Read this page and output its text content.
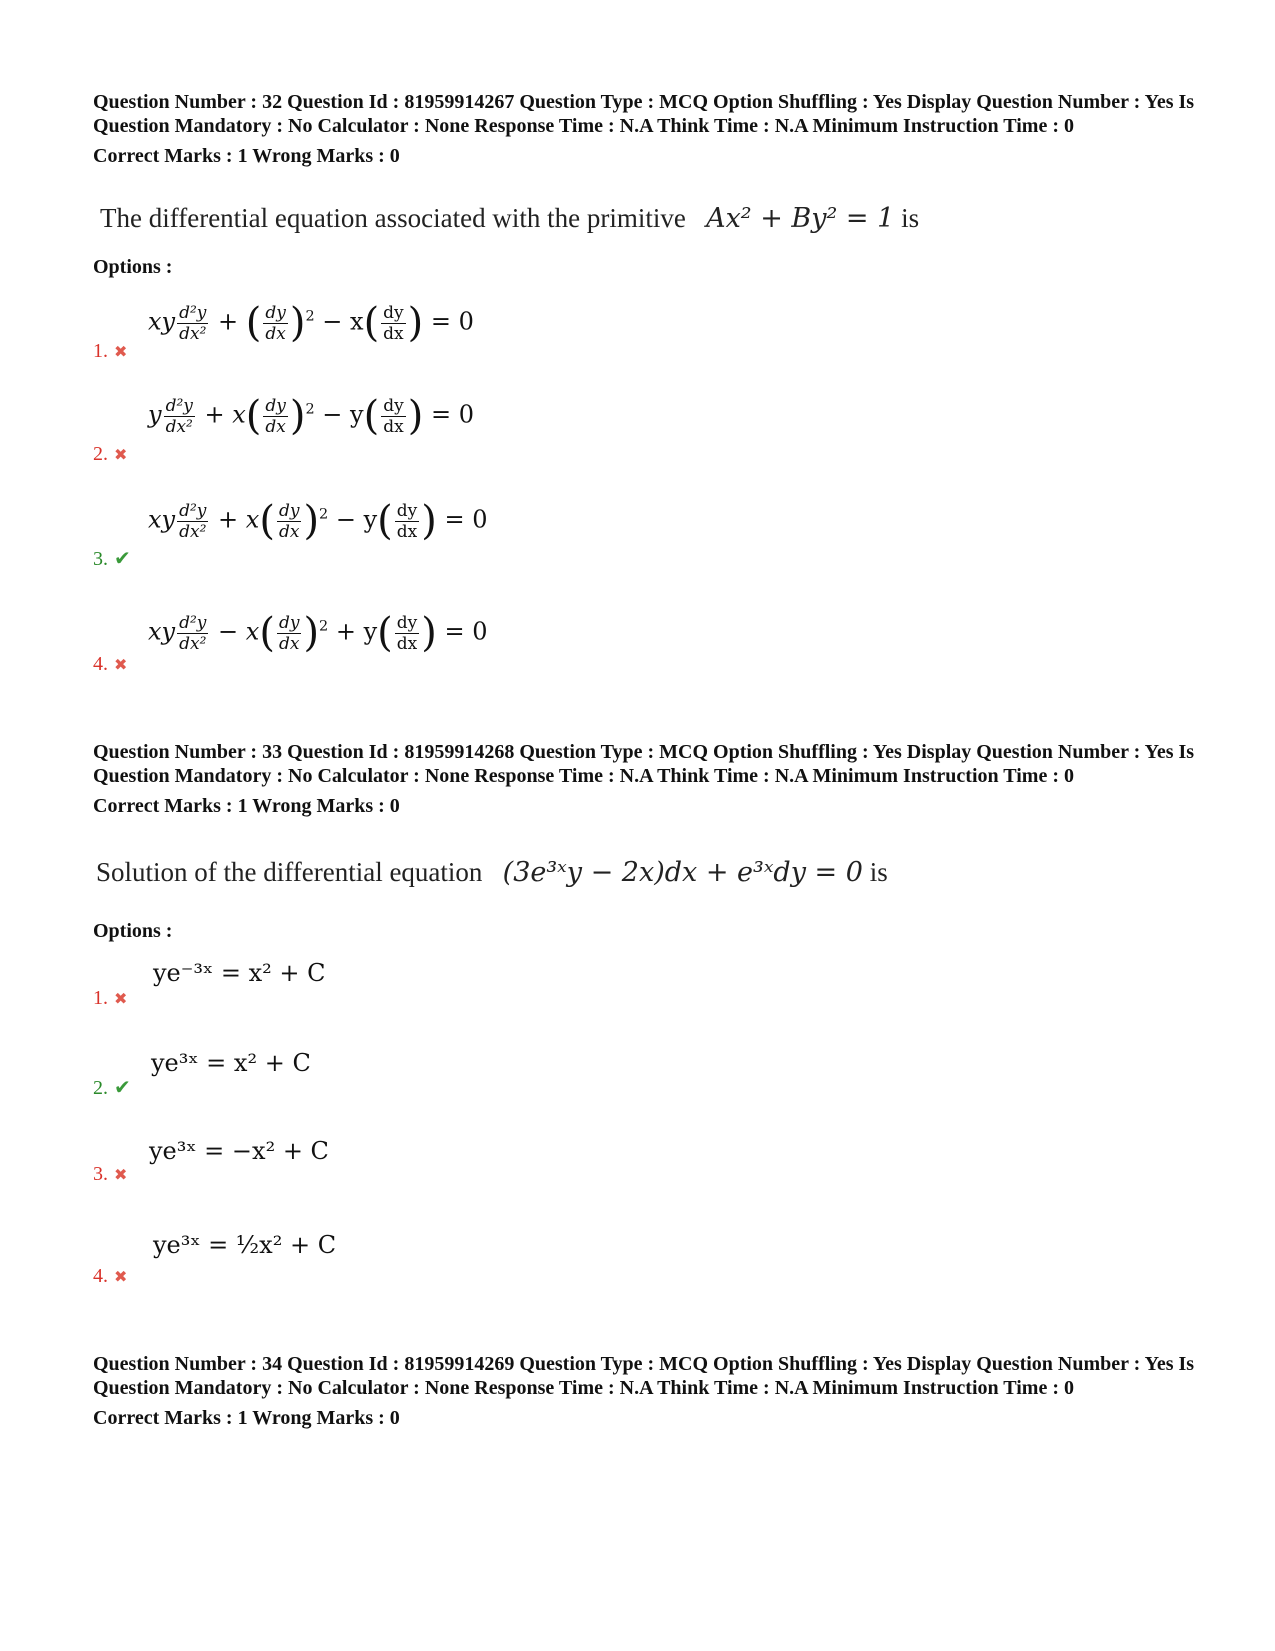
Question Number : 32 Question Id : 81959914267 Question Type : MCQ Option Shuffling : Yes Display Question Number : Yes Is Question Mandatory : No Calculator : None Response Time : N.A Think Time : N.A Minimum Instruction Time : 0

Correct Marks : 1 Wrong Marks : 0
The differential equation associated with the primitive Ax² + By² = 1 is
Options :
1. ✖
xy $\frac{\text{d²y}}{\text{dx²}}$ + ( $\frac{dy}{dx} )^2 - x( \frac{dy}{dx}$ ) = 0
2. ✖
y $\frac{\text{d²y}}{\text{dx²}} + x( \frac{dy}{dx} )^2 - y( \frac{dy}{dx}$ ) = 0
3. ✔
xy $\frac{\text{d²y}}{\text{dx²}} + x( \frac{dy}{dx} )^2 - y( \frac{dy}{dx}$ ) = 0
4. ✖
xy $\frac{\text{d²y}}{\text{dx²}} - x( \frac{dy}{dx} )^2 + y( \frac{dy}{dx}$ ) = 0

Question Number : 33 Question Id : 81959914268 Question Type : MCQ Option Shuffling : Yes Display Question Number : Yes Is Question Mandatory : No Calculator : None Response Time : N.A Think Time : N.A Minimum Instruction Time : 0

Correct Marks : 1 Wrong Marks : 0
Solution of the differential equation (3e³ˣy − 2x)dx + e³ˣdy = 0 is
Options :
1. ✖
ye⁻³ˣ = x² + C
2. ✔
ye³ˣ = x² + C
3. ✖
ye³ˣ = −x² + C
4. ✖
ye³ˣ = ½x² + C

Question Number : 34 Question Id : 81959914269 Question Type : MCQ Option Shuffling : Yes Display Question Number : Yes Is Question Mandatory : No Calculator : None Response Time : N.A Think Time : N.A Minimum Instruction Time : 0

Correct Marks : 1 Wrong Marks : 0
